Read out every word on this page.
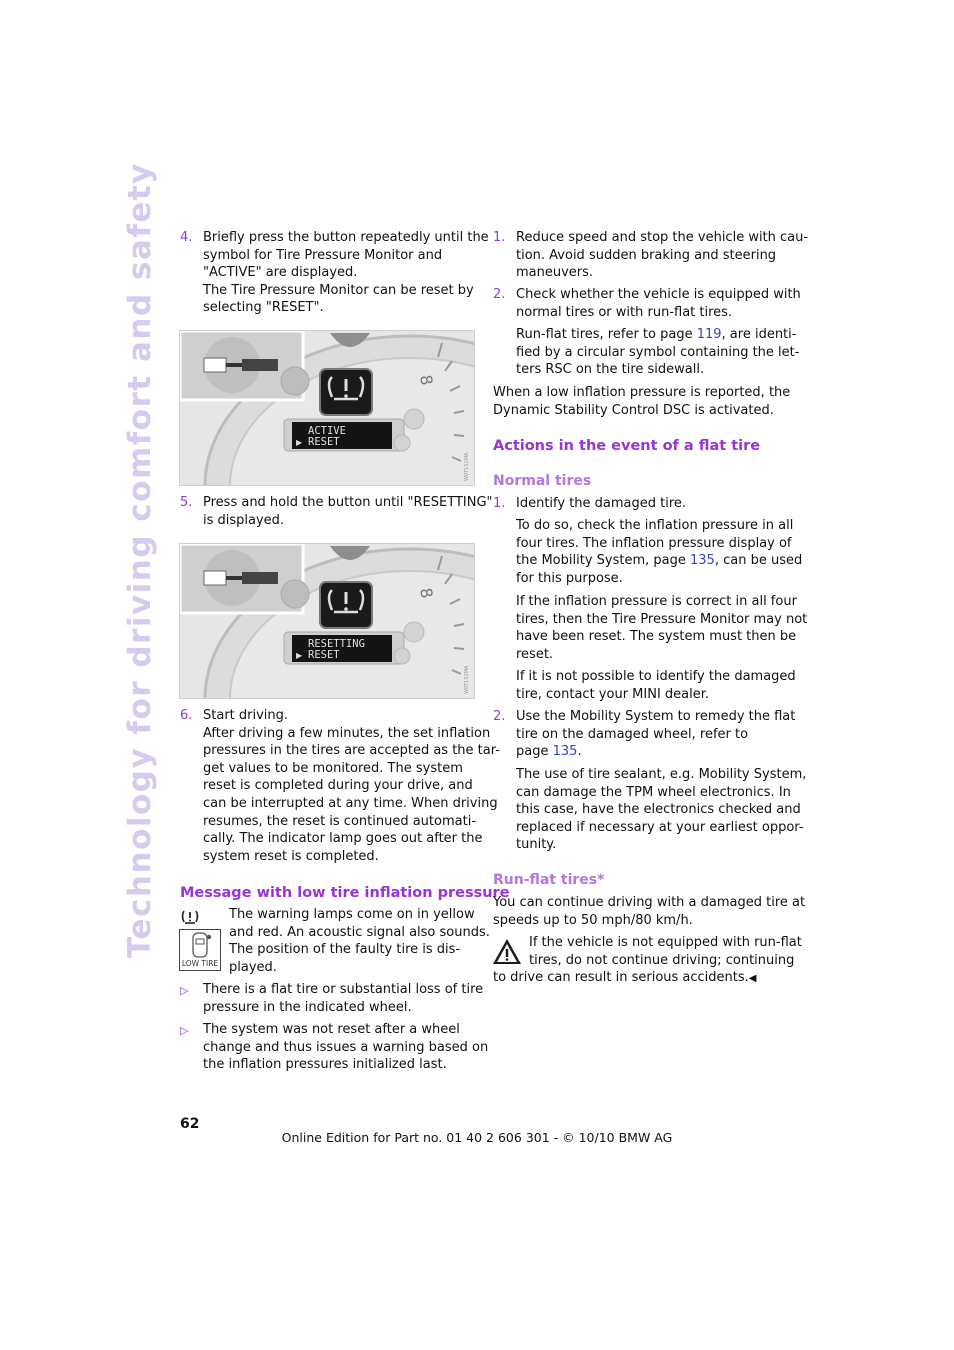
Technology for driving comfort and safety	4. Briefly press the button repeatedly until the
symbol for Tire Pressure Monitor and
"ACTIVE" are displayed.
The Tire Pressure Monitor can be reset by
selecting "RESET".
8
▶
ACTIVE
RESET
W0T1S1MA
5. Press and hold the button until "RESETTING"
is displayed.
8
▶
RESETTING
RESET
W0T1S2MA
6. Start driving.
After driving a few minutes, the set inflation
pressures in the tires are accepted as the tar-
get values to be monitored. The system
reset is completed during your drive, and
can be interrupted at any time. When driving
resumes, the reset is continued automati-
cally. The indicator lamp goes out after the
system reset is completed.
Message with low tire inflation pressure
LOW TIRE
The warning lamps come on in yellow
and red. An acoustic signal also sounds.
The position of the faulty tire is dis-
played.
▷ There is a flat tire or substantial loss of tire
pressure in the indicated wheel.
▷ The system was not reset after a wheel
change and thus issues a warning based on
the inflation pressures initialized last.
1. Reduce speed and stop the vehicle with cau-
tion. Avoid sudden braking and steering
maneuvers.
2. Check whether the vehicle is equipped with
normal tires or with run-flat tires.
Run-flat tires, refer to page 119, are identi-
fied by a circular symbol containing the let-
ters RSC on the tire sidewall.
When a low inflation pressure is reported, the
Dynamic Stability Control DSC is activated.
Actions in the event of a flat tire
Normal tires
1. Identify the damaged tire.
To do so, check the inflation pressure in all
four tires. The inflation pressure display of
the Mobility System, page 135, can be used
for this purpose.
If the inflation pressure is correct in all four
tires, then the Tire Pressure Monitor may not
have been reset. The system must then be
reset.
If it is not possible to identify the damaged
tire, contact your MINI dealer.
2. Use the Mobility System to remedy the flat
tire on the damaged wheel, refer to
page 135.
The use of tire sealant, e.g. Mobility System,
can damage the TPM wheel electronics. In
this case, have the electronics checked and
replaced if necessary at your earliest oppor-
tunity.
Run-flat tires*
You can continue driving with a damaged tire at
speeds up to 50 mph/80 km/h.
If the vehicle is not equipped with run-flat
tires, do not continue driving; continuing
to drive can result in serious accidents.◀
62
Online Edition for Part no. 01 40 2 606 301 - © 10/10 BMW AG
